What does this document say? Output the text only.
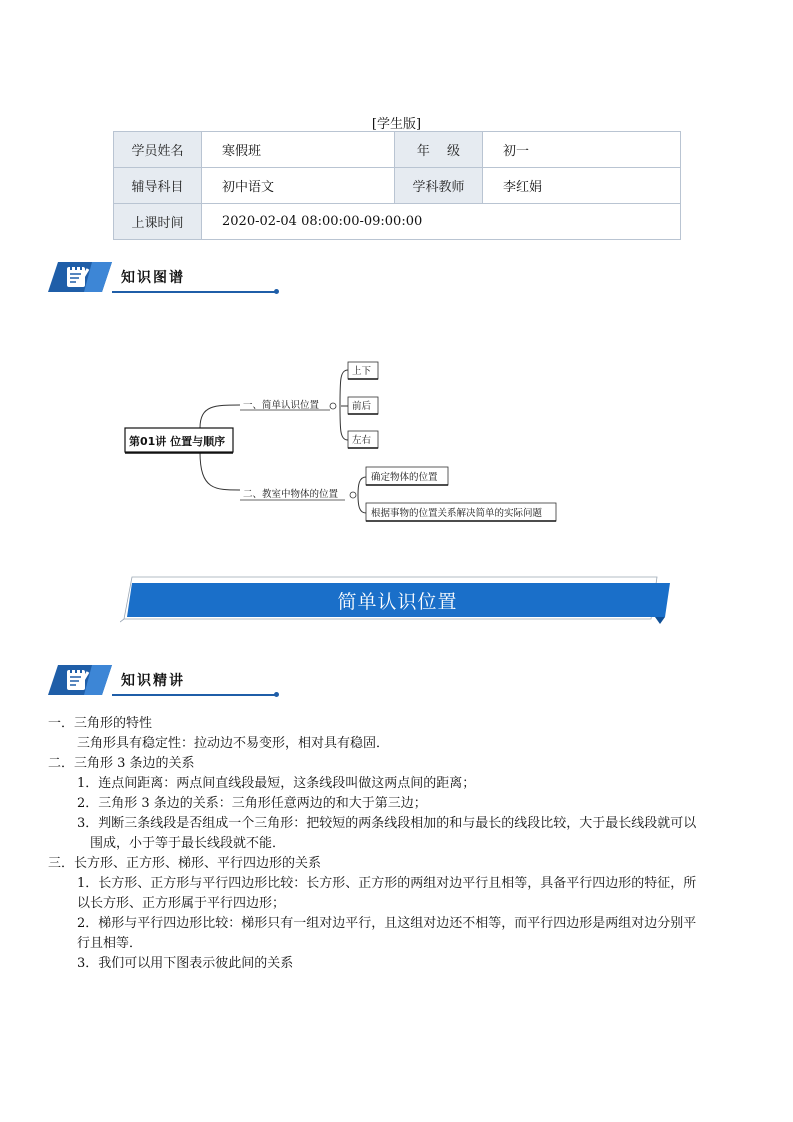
[学生版]
学员姓名	寒假班	年　 级	初一
辅导科目	初中语文	学科教师	李红娟
上课时间	2020-02-04 08:00:00-09:00:00		
知识图谱
第01讲 位置与顺序
一、简单认识位置
二、教室中物体的位置
上下
前后
左右
确定物体的位置
根据事物的位置关系解决简单的实际问题
简单认识位置
知识精讲
一．三角形的特性
三角形具有稳定性：拉动边不易变形，相对具有稳固．
二．三角形 3 条边的关系
1．连点间距离：两点间直线段最短，这条线段叫做这两点间的距离；
2．三角形 3 条边的关系：三角形任意两边的和大于第三边；
3．判断三条线段是否组成一个三角形：把较短的两条线段相加的和与最长的线段比较，大于最长线段就可以
围成，小于等于最长线段就不能．
三．长方形、正方形、梯形、平行四边形的关系
1．长方形、正方形与平行四边形比较：长方形、正方形的两组对边平行且相等，具备平行四边形的特征，所
以长方形、正方形属于平行四边形；
2．梯形与平行四边形比较：梯形只有一组对边平行，且这组对边还不相等，而平行四边形是两组对边分别平
行且相等．
3．我们可以用下图表示彼此间的关系
